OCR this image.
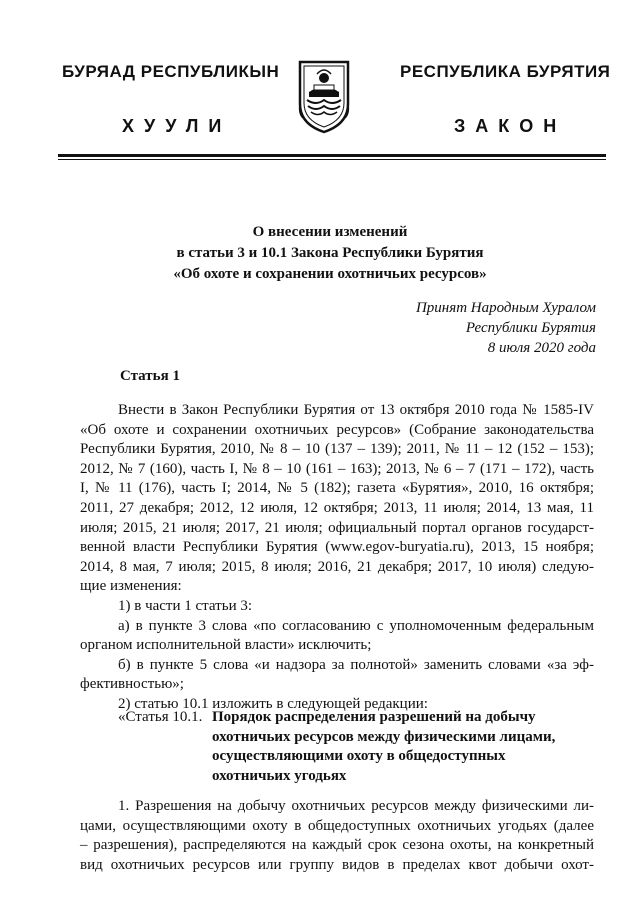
БУРЯАД РЕСПУБЛИКЫН	РЕСПУБЛИКА БУРЯТИЯ
ХУУЛИ	ЗАКОН
О внесении изменений
в статьи 3 и 10.1 Закона Республики Бурятия
«Об охоте и сохранении охотничьих ресурсов»
Принят Народным Хуралом
Республики Бурятия
8 июля 2020 года
Статья 1
Внести в Закон Республики Бурятия от 13 октября 2010 года № 1585-IV
«Об охоте и сохранении охотничьих ресурсов» (Собрание законодательства
Республики Бурятия, 2010, № 8 – 10 (137 – 139); 2011, № 11 – 12 (152 – 153);
2012, № 7 (160), часть I, № 8 – 10 (161 – 163); 2013, № 6 – 7 (171 – 172), часть
I, № 11 (176), часть I; 2014, № 5 (182); газета «Бурятия», 2010, 16 октября;
2011, 27 декабря; 2012, 12 июля, 12 октября; 2013, 11 июля; 2014, 13 мая, 11
июля; 2015, 21 июля; 2017, 21 июля; официальный портал органов государст-
венной власти Республики Бурятия (www.egov-buryatia.ru), 2013, 15 ноября;
2014, 8 мая, 7 июля; 2015, 8 июля; 2016, 21 декабря; 2017, 10 июля) следую-
щие изменения:
1) в части 1 статьи 3:
а) в пункте 3 слова «по согласованию с уполномоченным федеральным
органом исполнительной власти» исключить;
б) в пункте 5 слова «и надзора за полнотой» заменить словами «за эф-
фективностью»;
2) статью 10.1 изложить в следующей редакции:
«Статья 10.1. Порядок распределения разрешений на добычу
охотничьих ресурсов между физическими лицами,
осуществляющими охоту в общедоступных
охотничьих угодьях
1. Разрешения на добычу охотничьих ресурсов между физическими ли-
цами, осуществляющими охоту в общедоступных охотничьих угодьях (далее
– разрешения), распределяются на каждый срок сезона охоты, на конкретный
вид охотничьих ресурсов или группу видов в пределах квот добычи охот-
